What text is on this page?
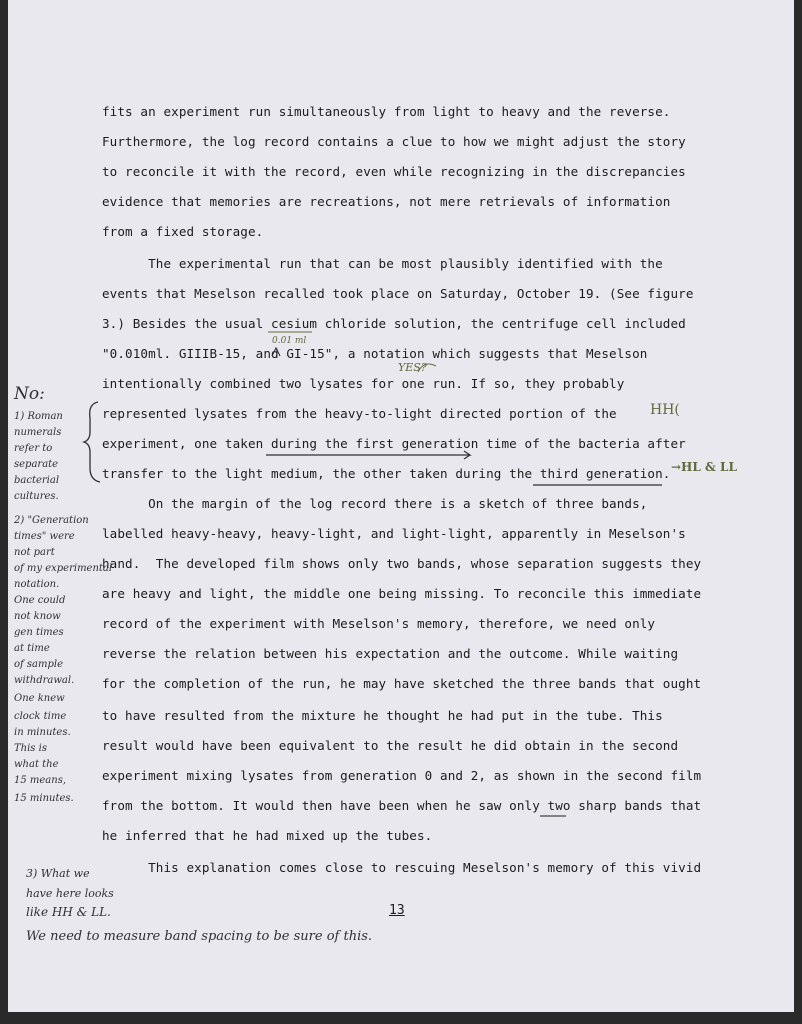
fits an experiment run simultaneously from light to heavy and the reverse.
Furthermore, the log record contains a clue to how we might adjust the story
to reconcile it with the record, even while recognizing in the discrepancies
evidence that memories are recreations, not mere retrievals of information
from a fixed storage.
The experimental run that can be most plausibly identified with the
events that Meselson recalled took place on Saturday, October 19. (See figure
3.) Besides the usual cesium chloride solution, the centrifuge cell included
"0.010ml. GIIIB-15, and GI-15", a notation which suggests that Meselson
intentionally combined two lysates for one run. If so, they probably
represented lysates from the heavy-to-light directed portion of the
experiment, one taken during the first generation time of the bacteria after
transfer to the light medium, the other taken during the third generation.
On the margin of the log record there is a sketch of three bands,
labelled heavy-heavy, heavy-light, and light-light, apparently in Meselson's
hand.  The developed film shows only two bands, whose separation suggests they
are heavy and light, the middle one being missing. To reconcile this immediate
record of the experiment with Meselson's memory, therefore, we need only
reverse the relation between his expectation and the outcome. While waiting
for the completion of the run, he may have sketched the three bands that ought
to have resulted from the mixture he thought he had put in the tube. This
result would have been equivalent to the result he did obtain in the second
experiment mixing lysates from generation 0 and 2, as shown in the second film
from the bottom. It would then have been when he saw only two sharp bands that
he inferred that he had mixed up the tubes.
This explanation comes close to rescuing Meselson's memory of this vivid
0.01 ml
YES?
HH(
→HL & LL
No:
1) Roman
numerals
refer to
separate
bacterial
cultures.
2) "Generation
times" were
not part
of my experimental
notation.
One could
not know
gen times
at time
of sample
withdrawal.
One knew
clock time
in minutes.
This is
what the
15 means,
15 minutes.
3) What we
have here looks
like HH & LL.
We need to measure band spacing to be sure of this.
13
